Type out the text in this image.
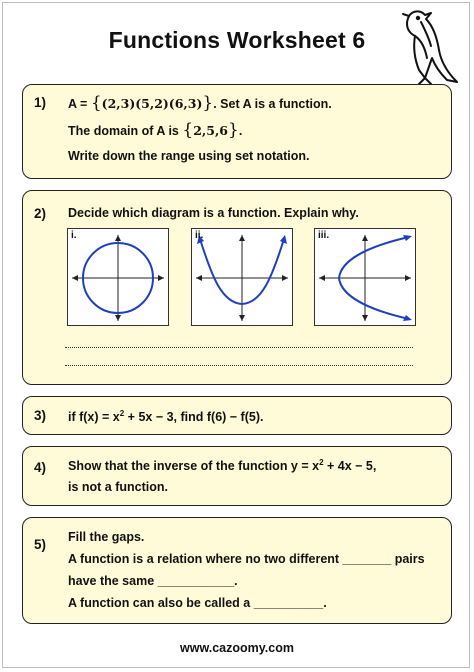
Functions Worksheet 6
1) A = {(2,3)(5,2)(6,3)}. Set A is a function.
The domain of A is {2,5,6}.
Write down the range using set notation.
2) Decide which diagram is a function. Explain why.
i.	ii.	iii.
3) if $f(x) = x^2 + 5x - 3$, find f(6) − f(5).
4) Show that the inverse of the function $y = x^2 + 4x - 5$,
is not a function.
5) Fill the gaps.
A function is a relation where no two different _______ pairs
have the same ___________.
A function can also be called a __________.
www.cazoomy.com
